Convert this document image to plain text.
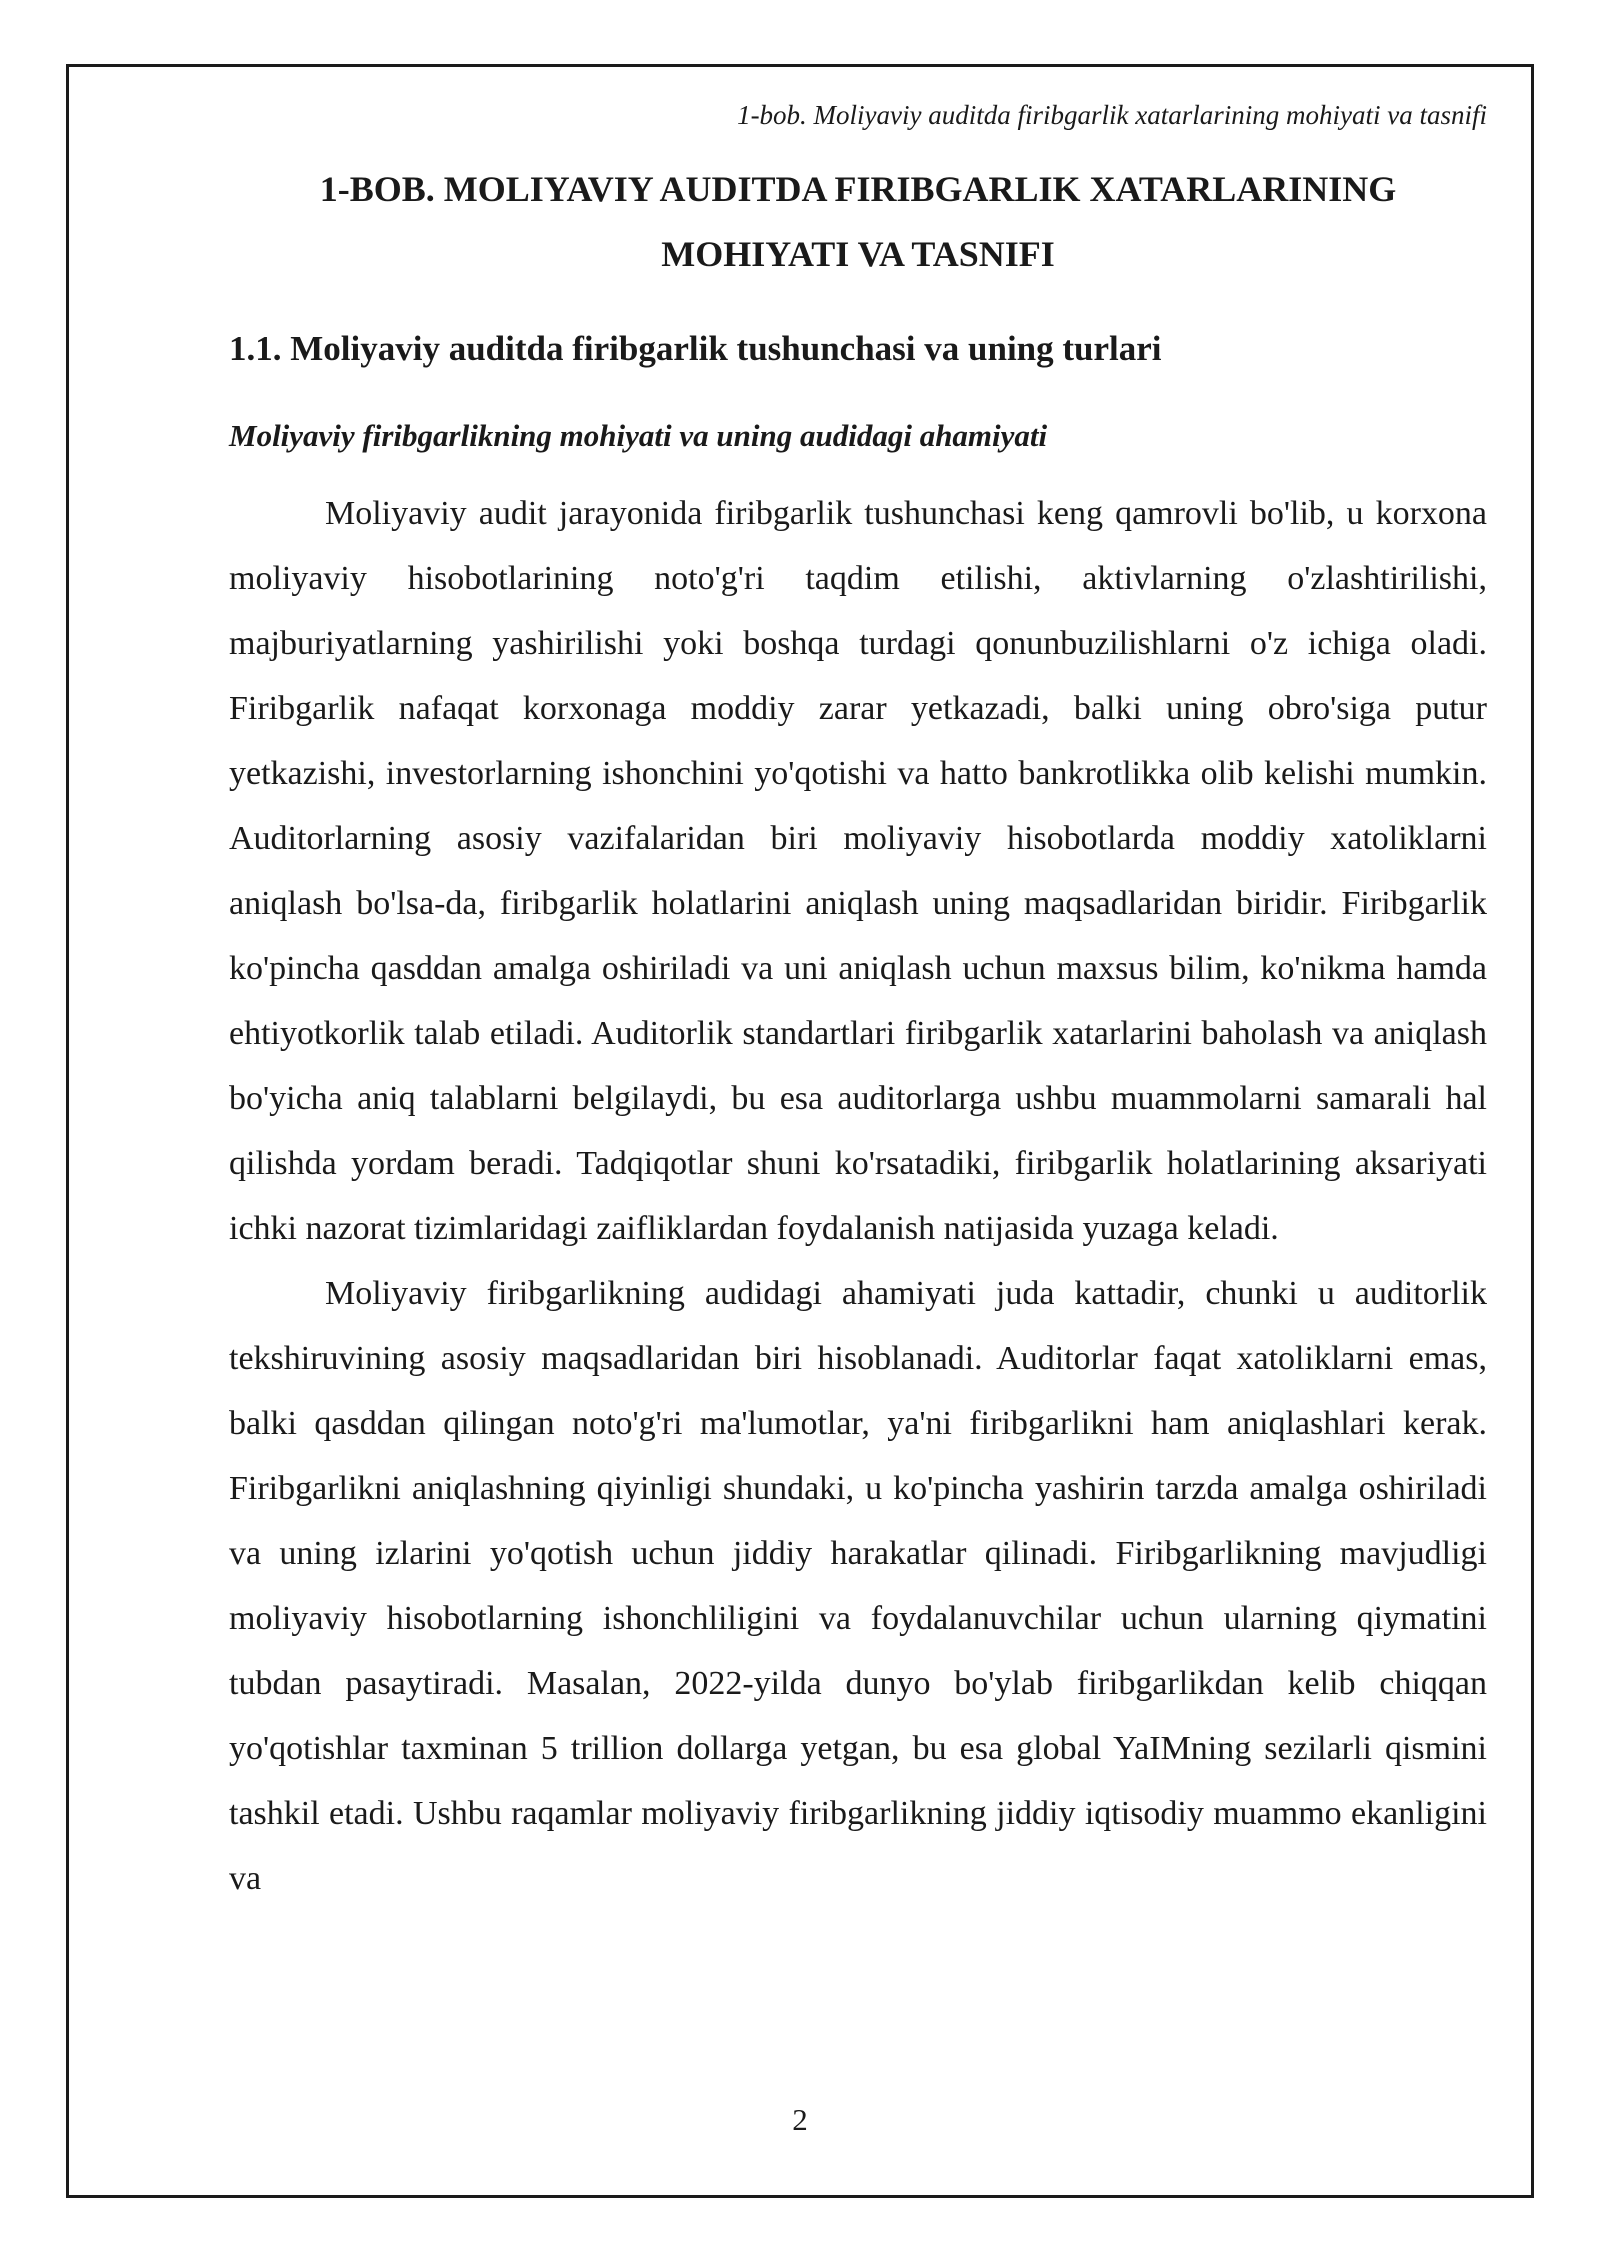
1-bob. Moliyaviy auditda firibgarlik xatarlarining mohiyati va tasnifi

1-BOB. MOLIYAVIY AUDITDA FIRIBGARLIK XATARLARINING
MOHIYATI VA TASNIFI
1.1. Moliyaviy auditda firibgarlik tushunchasi va uning turlari
Moliyaviy firibgarlikning mohiyati va uning audidagi ahamiyati

Moliyaviy audit jarayonida firibgarlik tushunchasi keng qamrovli bo'lib, u korxona moliyaviy hisobotlarining noto'g'ri taqdim etilishi, aktivlarning o'zlashtirilishi, majburiyatlarning yashirilishi yoki boshqa turdagi qonunbuzilishlarni o'z ichiga oladi. Firibgarlik nafaqat korxonaga moddiy zarar yetkazadi, balki uning obro'siga putur yetkazishi, investorlarning ishonchini yo'qotishi va hatto bankrotlikka olib kelishi mumkin. Auditorlarning asosiy vazifalaridan biri moliyaviy hisobotlarda moddiy xatoliklarni aniqlash bo'lsa-da, firibgarlik holatlarini aniqlash uning maqsadlaridan biridir. Firibgarlik ko'pincha qasddan amalga oshiriladi va uni aniqlash uchun maxsus bilim, ko'nikma hamda ehtiyotkorlik talab etiladi. Auditorlik standartlari firibgarlik xatarlarini baholash va aniqlash bo'yicha aniq talablarni belgilaydi, bu esa auditorlarga ushbu muammolarni samarali hal qilishda yordam beradi. Tadqiqotlar shuni ko'rsatadiki, firibgarlik holatlarining aksariyati ichki nazorat tizimlaridagi zaifliklardan foydalanish natijasida yuzaga keladi.

Moliyaviy firibgarlikning audidagi ahamiyati juda kattadir, chunki u auditorlik tekshiruvining asosiy maqsadlaridan biri hisoblanadi. Auditorlar faqat xatoliklarni emas, balki qasddan qilingan noto'g'ri ma'lumotlar, ya'ni firibgarlikni ham aniqlashlari kerak. Firibgarlikni aniqlashning qiyinligi shundaki, u ko'pincha yashirin tarzda amalga oshiriladi va uning izlarini yo'qotish uchun jiddiy harakatlar qilinadi. Firibgarlikning mavjudligi moliyaviy hisobotlarning ishonchliligini va foydalanuvchilar uchun ularning qiymatini tubdan pasaytiradi. Masalan, 2022-yilda dunyo bo'ylab firibgarlikdan kelib chiqqan yo'qotishlar taxminan 5 trillion dollarga yetgan, bu esa global YaIMning sezilarli qismini tashkil etadi. Ushbu raqamlar moliyaviy firibgarlikning jiddiy iqtisodiy muammo ekanligini va

2
